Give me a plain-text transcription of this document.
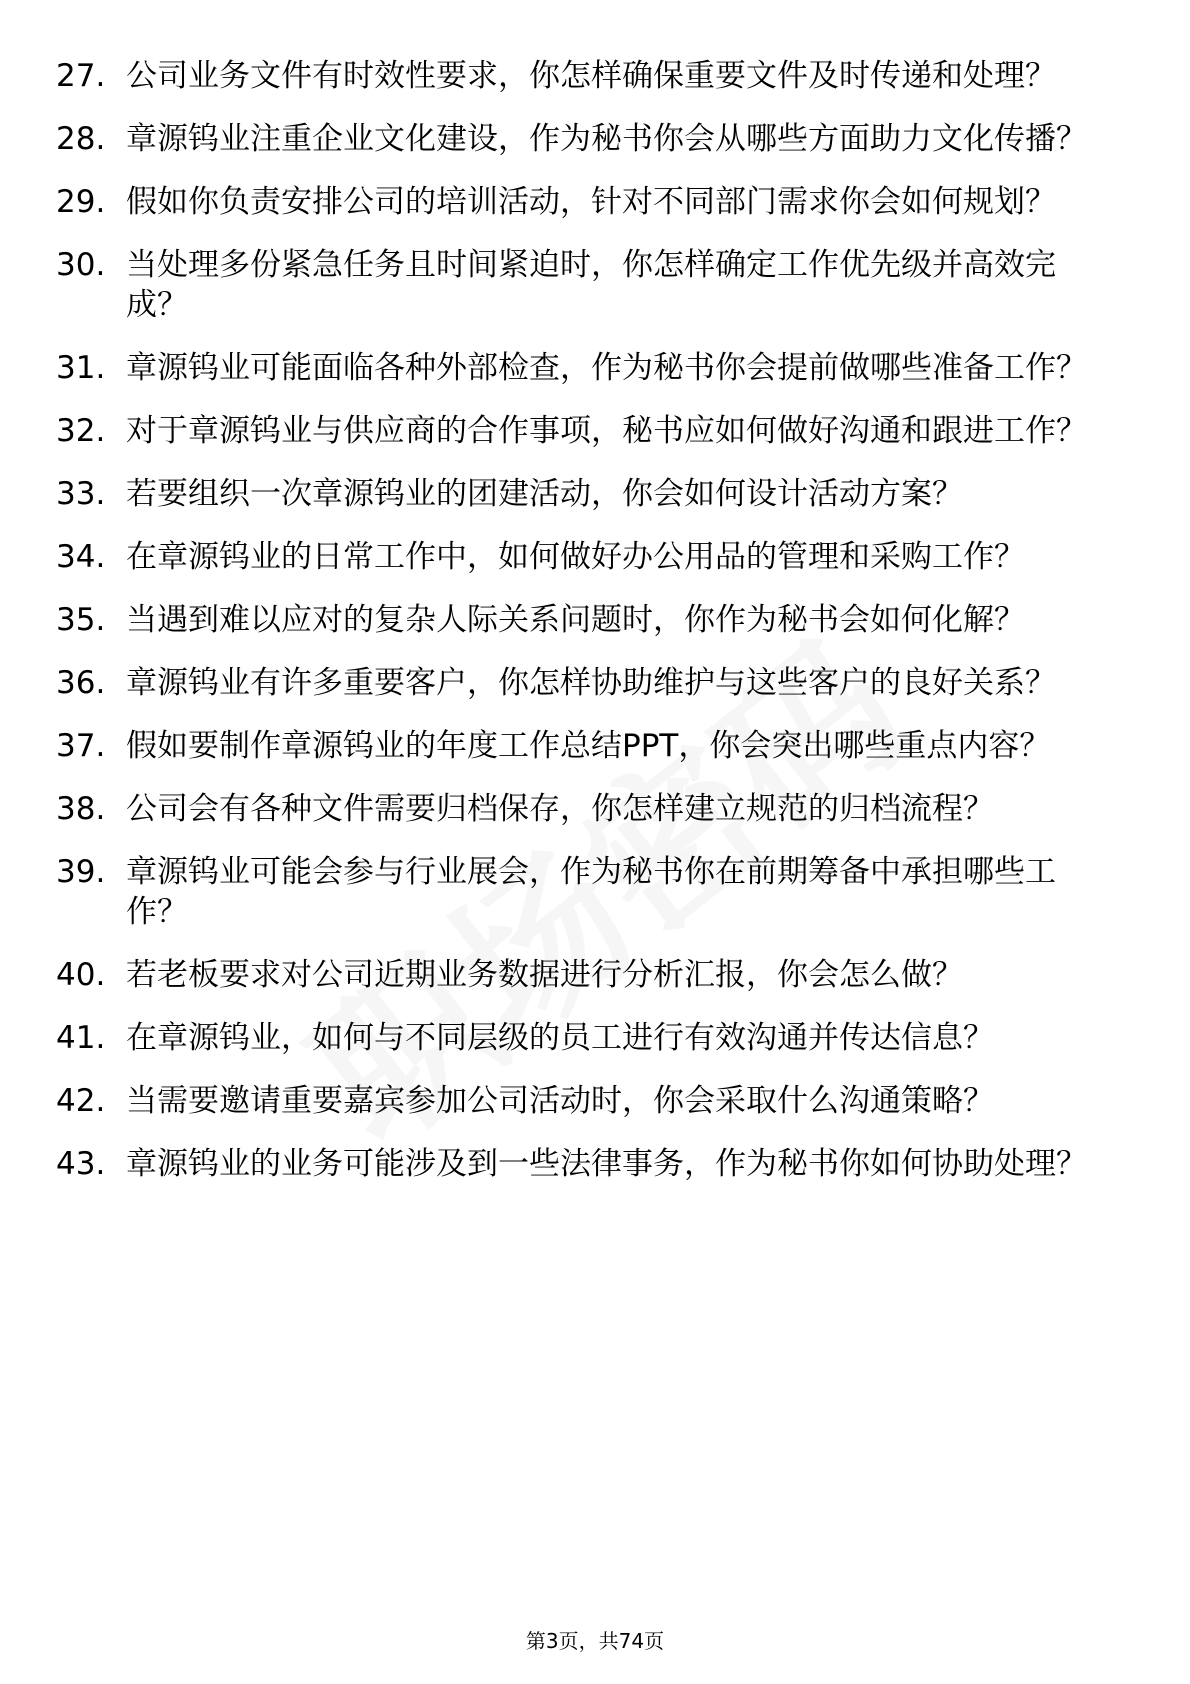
27. 公司业务文件有时效性要求，你怎样确保重要文件及时传递和处理？
28. 章源钨业注重企业文化建设，作为秘书你会从哪些方面助力文化传播？
29. 假如你负责安排公司的培训活动，针对不同部门需求你会如何规划？
30. 当处理多份紧急任务且时间紧迫时，你怎样确定工作优先级并高效完成？
31. 章源钨业可能面临各种外部检查，作为秘书你会提前做哪些准备工作？
32. 对于章源钨业与供应商的合作事项，秘书应如何做好沟通和跟进工作？
33. 若要组织一次章源钨业的团建活动，你会如何设计活动方案？
34. 在章源钨业的日常工作中，如何做好办公用品的管理和采购工作？
35. 当遇到难以应对的复杂人际关系问题时，你作为秘书会如何化解？
36. 章源钨业有许多重要客户，你怎样协助维护与这些客户的良好关系？
37. 假如要制作章源钨业的年度工作总结PPT，你会突出哪些重点内容？
38. 公司会有各种文件需要归档保存，你怎样建立规范的归档流程？
39. 章源钨业可能会参与行业展会，作为秘书你在前期筹备中承担哪些工作？
40. 若老板要求对公司近期业务数据进行分析汇报，你会怎么做？
41. 在章源钨业，如何与不同层级的员工进行有效沟通并传达信息？
42. 当需要邀请重要嘉宾参加公司活动时，你会采取什么沟通策略？
43. 章源钨业的业务可能涉及到一些法律事务，作为秘书你如何协助处理？
第3页，共74页
